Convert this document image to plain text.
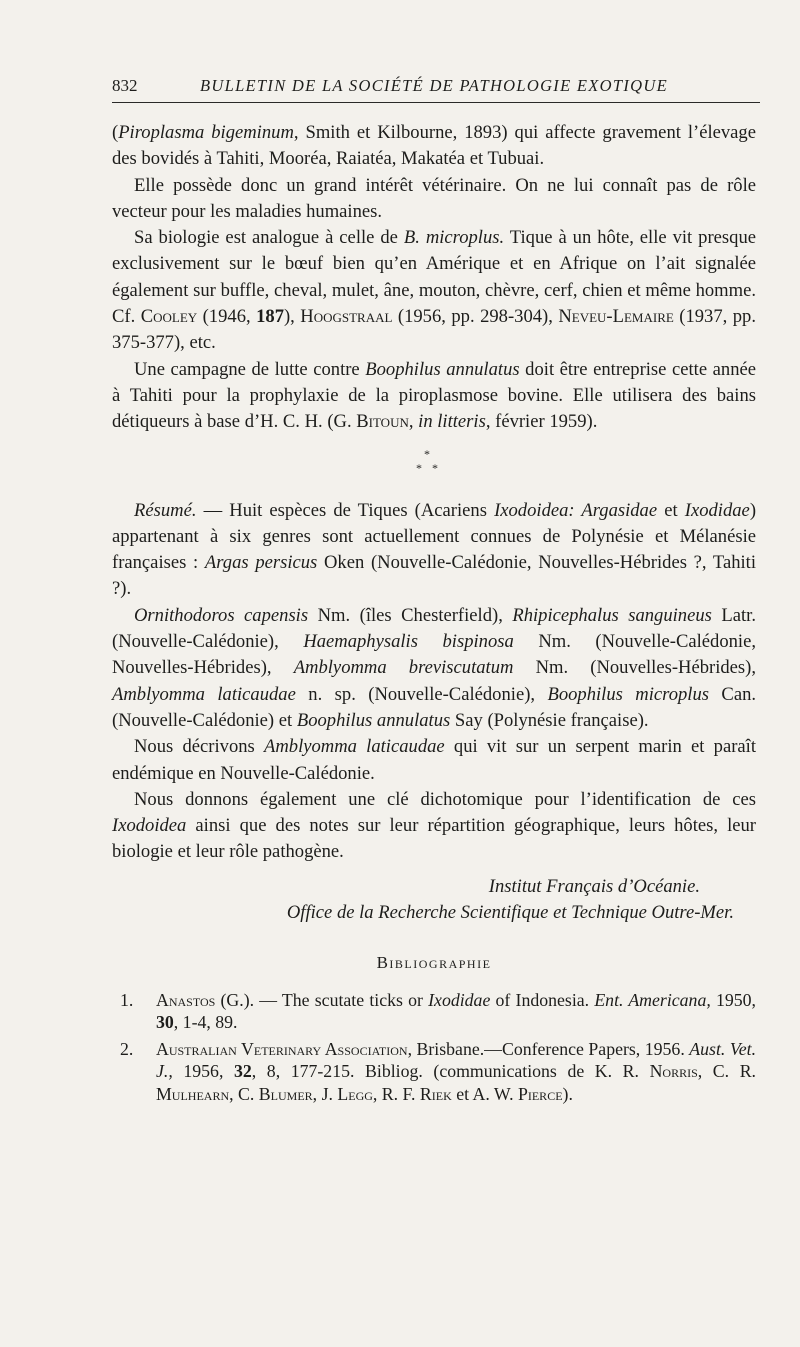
832	BULLETIN DE LA SOCIÉTÉ DE PATHOLOGIE EXOTIQUE

(Piroplasma bigeminum, Smith et Kilbourne, 1893) qui affecte gravement l’élevage des bovidés à Tahiti, Mooréa, Raiatéa, Makatéa et Tubuai.

Elle possède donc un grand intérêt vétérinaire. On ne lui connaît pas de rôle vecteur pour les maladies humaines.

Sa biologie est analogue à celle de B. microplus. Tique à un hôte, elle vit presque exclusivement sur le bœuf bien qu’en Amérique et en Afrique on l’ait signalée également sur buffle, cheval, mulet, âne, mouton, chèvre, cerf, chien et même homme. Cf. Cooley (1946, 187), Hoogstraal (1956, pp. 298-304), Neveu-Lemaire (1937, pp. 375-377), etc.

Une campagne de lutte contre Boophilus annulatus doit être entreprise cette année à Tahiti pour la prophylaxie de la piroplasmose bovine. Elle utilisera des bains détiqueurs à base d’H. C. H. (G. Bitoun, in litteris, février 1959).

*
* *

Résumé. — Huit espèces de Tiques (Acariens Ixodoidea: Argasidae et Ixodidae) appartenant à six genres sont actuellement connues de Polynésie et Mélanésie françaises : Argas persicus Oken (Nouvelle-Calédonie, Nouvelles-Hébrides ?, Tahiti ?).

Ornithodoros capensis Nm. (îles Chesterfield), Rhipicephalus sanguineus Latr. (Nouvelle-Calédonie), Haemaphysalis bispinosa Nm. (Nouvelle-Calédonie, Nouvelles-Hébrides), Amblyomma breviscutatum Nm. (Nouvelles-Hébrides), Amblyomma laticaudae n. sp. (Nouvelle-Calédonie), Boophilus microplus Can. (Nouvelle-Calédonie) et Boophilus annulatus Say (Polynésie française).

Nous décrivons Amblyomma laticaudae qui vit sur un serpent marin et paraît endémique en Nouvelle-Calédonie.

Nous donnons également une clé dichotomique pour l’identification de ces Ixodoidea ainsi que des notes sur leur répartition géographique, leurs hôtes, leur biologie et leur rôle pathogène.

Institut Français d’Océanie.
Office de la Recherche Scientifique et Technique Outre-Mer.
Bibliographie
1. Anastos (G.). — The scutate ticks or Ixodidae of Indonesia. Ent. Americana, 1950, 30, 1-4, 89.
2. Australian Veterinary Association, Brisbane.—Conference Papers, 1956. Aust. Vet. J., 1956, 32, 8, 177-215. Bibliog. (communications de K. R. Norris, C. R. Mulhearn, C. Blumer, J. Legg, R. F. Riek et A. W. Pierce).
